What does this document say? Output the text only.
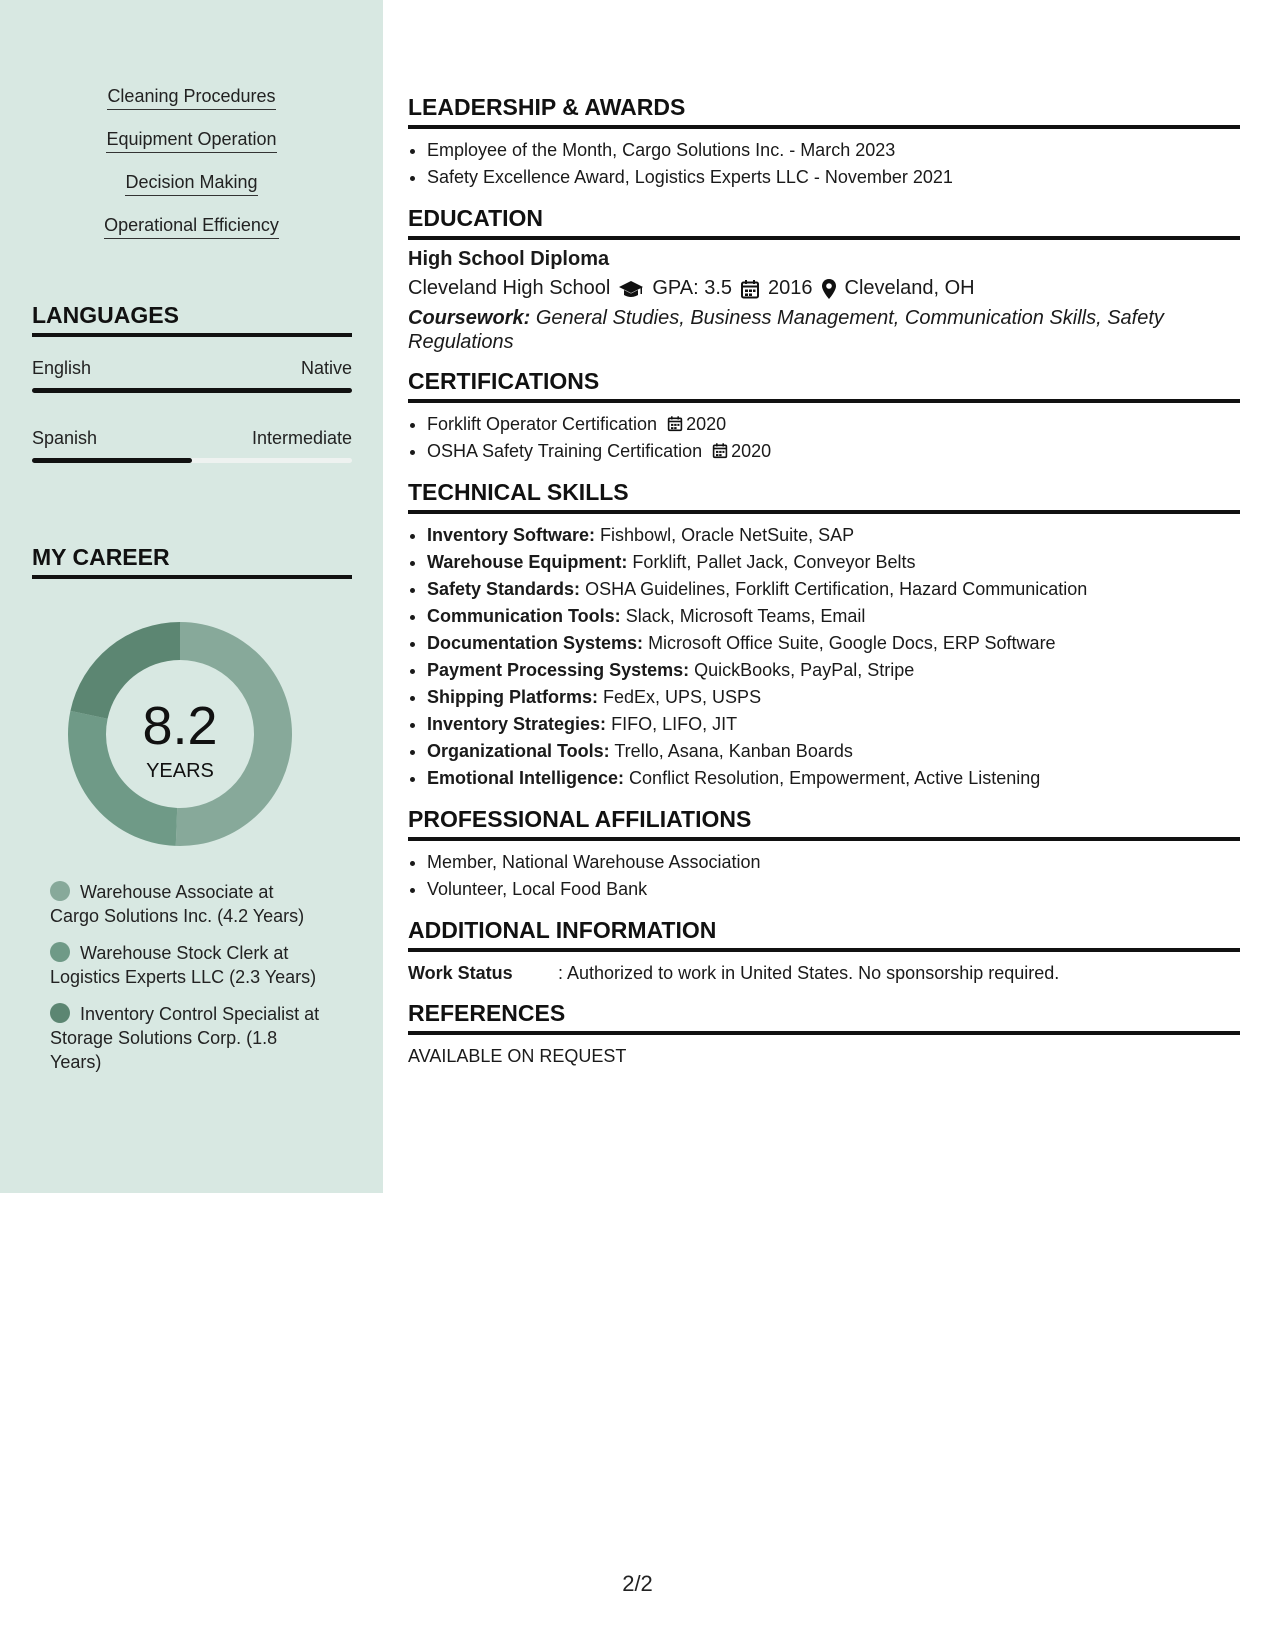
Cleaning Procedures
Equipment Operation
Decision Making
Operational Efficiency
LANGUAGES
English	Native
Spanish	Intermediate
MY CAREER
8.2
YEARS
Warehouse Associate at Cargo Solutions Inc. (4.2 Years)
Warehouse Stock Clerk at Logistics Experts LLC (2.3 Years)
Inventory Control Specialist at Storage Solutions Corp. (1.8 Years)
LEADERSHIP & AWARDS
• Employee of the Month, Cargo Solutions Inc. - March 2023
• Safety Excellence Award, Logistics Experts LLC - November 2021
EDUCATION
High School Diploma
Cleveland High School GPA: 3.5 2016 Cleveland, OH
Coursework: General Studies, Business Management, Communication Skills, Safety Regulations
CERTIFICATIONS
• Forklift Operator Certification 2020
• OSHA Safety Training Certification 2020
TECHNICAL SKILLS
• Inventory Software: Fishbowl, Oracle NetSuite, SAP
• Warehouse Equipment: Forklift, Pallet Jack, Conveyor Belts
• Safety Standards: OSHA Guidelines, Forklift Certification, Hazard Communication
• Communication Tools: Slack, Microsoft Teams, Email
• Documentation Systems: Microsoft Office Suite, Google Docs, ERP Software
• Payment Processing Systems: QuickBooks, PayPal, Stripe
• Shipping Platforms: FedEx, UPS, USPS
• Inventory Strategies: FIFO, LIFO, JIT
• Organizational Tools: Trello, Asana, Kanban Boards
• Emotional Intelligence: Conflict Resolution, Empowerment, Active Listening
PROFESSIONAL AFFILIATIONS
• Member, National Warehouse Association
• Volunteer, Local Food Bank
ADDITIONAL INFORMATION
Work Status	: Authorized to work in United States. No sponsorship required.
REFERENCES
AVAILABLE ON REQUEST
2/2
